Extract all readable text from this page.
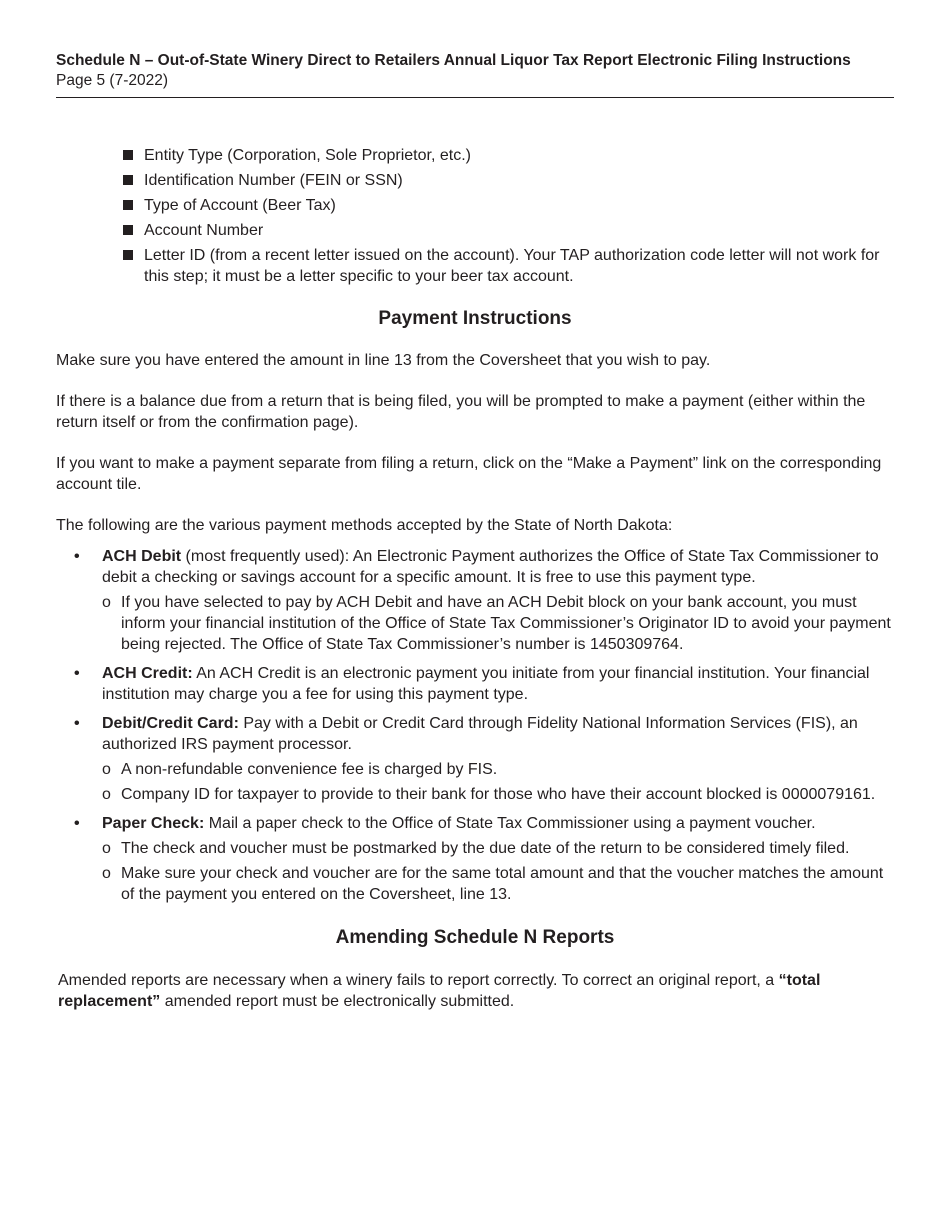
Schedule N – Out-of-State Winery Direct to Retailers Annual Liquor Tax Report Electronic Filing Instructions
Page 5 (7-2022)
Entity Type (Corporation, Sole Proprietor, etc.)
Identification Number (FEIN or SSN)
Type of Account (Beer Tax)
Account Number
Letter ID (from a recent letter issued on the account). Your TAP authorization code letter will not work for this step; it must be a letter specific to your beer tax account.
Payment Instructions

Make sure you have entered the amount in line 13 from the Coversheet that you wish to pay.

If there is a balance due from a return that is being filed, you will be prompted to make a payment (either within the return itself or from the confirmation page).

If you want to make a payment separate from filing a return, click on the “Make a Payment” link on the corresponding account tile.

The following are the various payment methods accepted by the State of North Dakota:

• ACH Debit (most frequently used): An Electronic Payment authorizes the Office of State Tax Commissioner to debit a checking or savings account for a specific amount. It is free to use this payment type.
o If you have selected to pay by ACH Debit and have an ACH Debit block on your bank account, you must inform your financial institution of the Office of State Tax Commissioner’s Originator ID to avoid your payment being rejected. The Office of State Tax Commissioner’s number is 1450309764.
• ACH Credit: An ACH Credit is an electronic payment you initiate from your financial institution. Your financial institution may charge you a fee for using this payment type.
• Debit/Credit Card: Pay with a Debit or Credit Card through Fidelity National Information Services (FIS), an authorized IRS payment processor.
o A non-refundable convenience fee is charged by FIS.
o Company ID for taxpayer to provide to their bank for those who have their account blocked is 0000079161.
• Paper Check: Mail a paper check to the Office of State Tax Commissioner using a payment voucher.
o The check and voucher must be postmarked by the due date of the return to be considered timely filed.
o Make sure your check and voucher are for the same total amount and that the voucher matches the amount of the payment you entered on the Coversheet, line 13.
Amending Schedule N Reports

Amended reports are necessary when a winery fails to report correctly. To correct an original report, a “total replacement” amended report must be electronically submitted.
